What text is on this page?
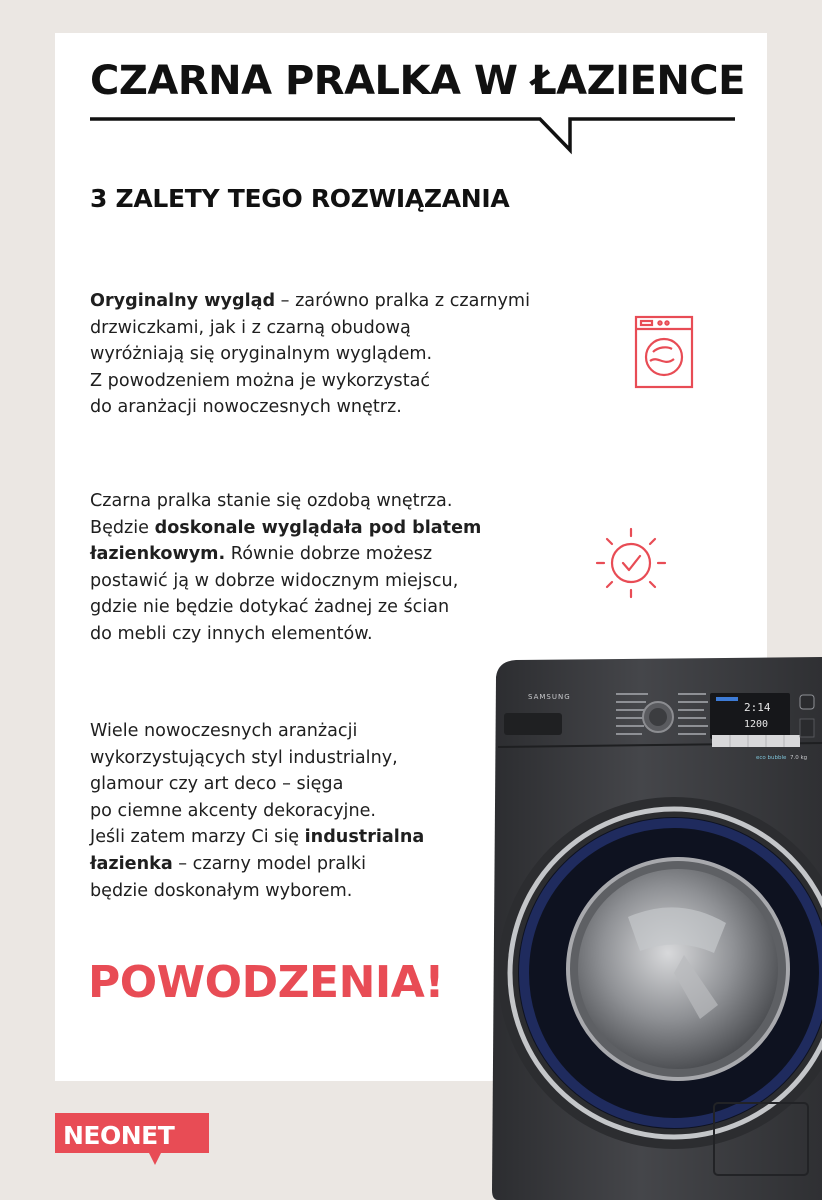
CZARNA PRALKA W ŁAZIENCE
3 ZALETY TEGO ROZWIĄZANIA

Oryginalny wygląd – zarówno pralka z czarnymi
drzwiczkami, jak i z czarną obudową
wyróżniają się oryginalnym wyglądem.
Z powodzeniem można je wykorzystać
do aranżacji nowoczesnych wnętrz.

Czarna pralka stanie się ozdobą wnętrza.
Będzie doskonale wyglądała pod blatem
łazienkowym. Równie dobrze możesz
postawić ją w dobrze widocznym miejscu,
gdzie nie będzie dotykać żadnej ze ścian
do mebli czy innych elementów.

Wiele nowoczesnych aranżacji
wykorzystujących styl industrialny,
glamour czy art deco – sięga
po ciemne akcenty dekoracyjne.
Jeśli zatem marzy Ci się industrialna
łazienka – czarny model pralki
będzie doskonałym wyborem.

SAMSUNG
2:14
1200
eco bubble 7.0 kg
NEONET
POWODZENIA!
